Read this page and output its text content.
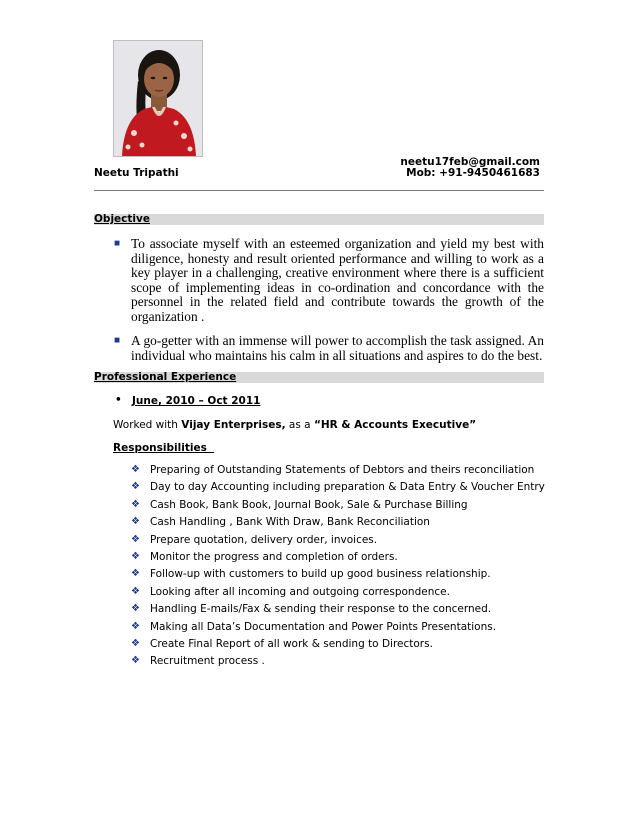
Neetu Tripathi
neetu17feb@gmail.com
Mob: +91-9450461683
Objective
■ To associate myself with an esteemed organization and yield my best with diligence, honesty and result oriented performance and willing to work as a key player in a challenging, creative environment where there is a sufficient scope of implementing ideas in co-ordination and concordance with the personnel in the related field and contribute towards the growth of the organization .
■ A go-getter with an immense will power to accomplish the task assigned. An individual who maintains his calm in all situations and aspires to do the best.
Professional Experience
• June, 2010 – Oct 2011
Worked with Vijay Enterprises, as a “HR & Accounts Executive”
Responsibilities
❖ Preparing of Outstanding Statements of Debtors and theirs reconciliation
❖ Day to day Accounting including preparation & Data Entry & Voucher Entry
❖ Cash Book, Bank Book, Journal Book, Sale & Purchase Billing
❖ Cash Handling , Bank With Draw, Bank Reconciliation
❖ Prepare quotation, delivery order, invoices.
❖ Monitor the progress and completion of orders.
❖ Follow-up with customers to build up good business relationship.
❖ Looking after all incoming and outgoing correspondence.
❖ Handling E-mails/Fax & sending their response to the concerned.
❖ Making all Data’s Documentation and Power Points Presentations.
❖ Create Final Report of all work & sending to Directors.
❖ Recruitment process .
